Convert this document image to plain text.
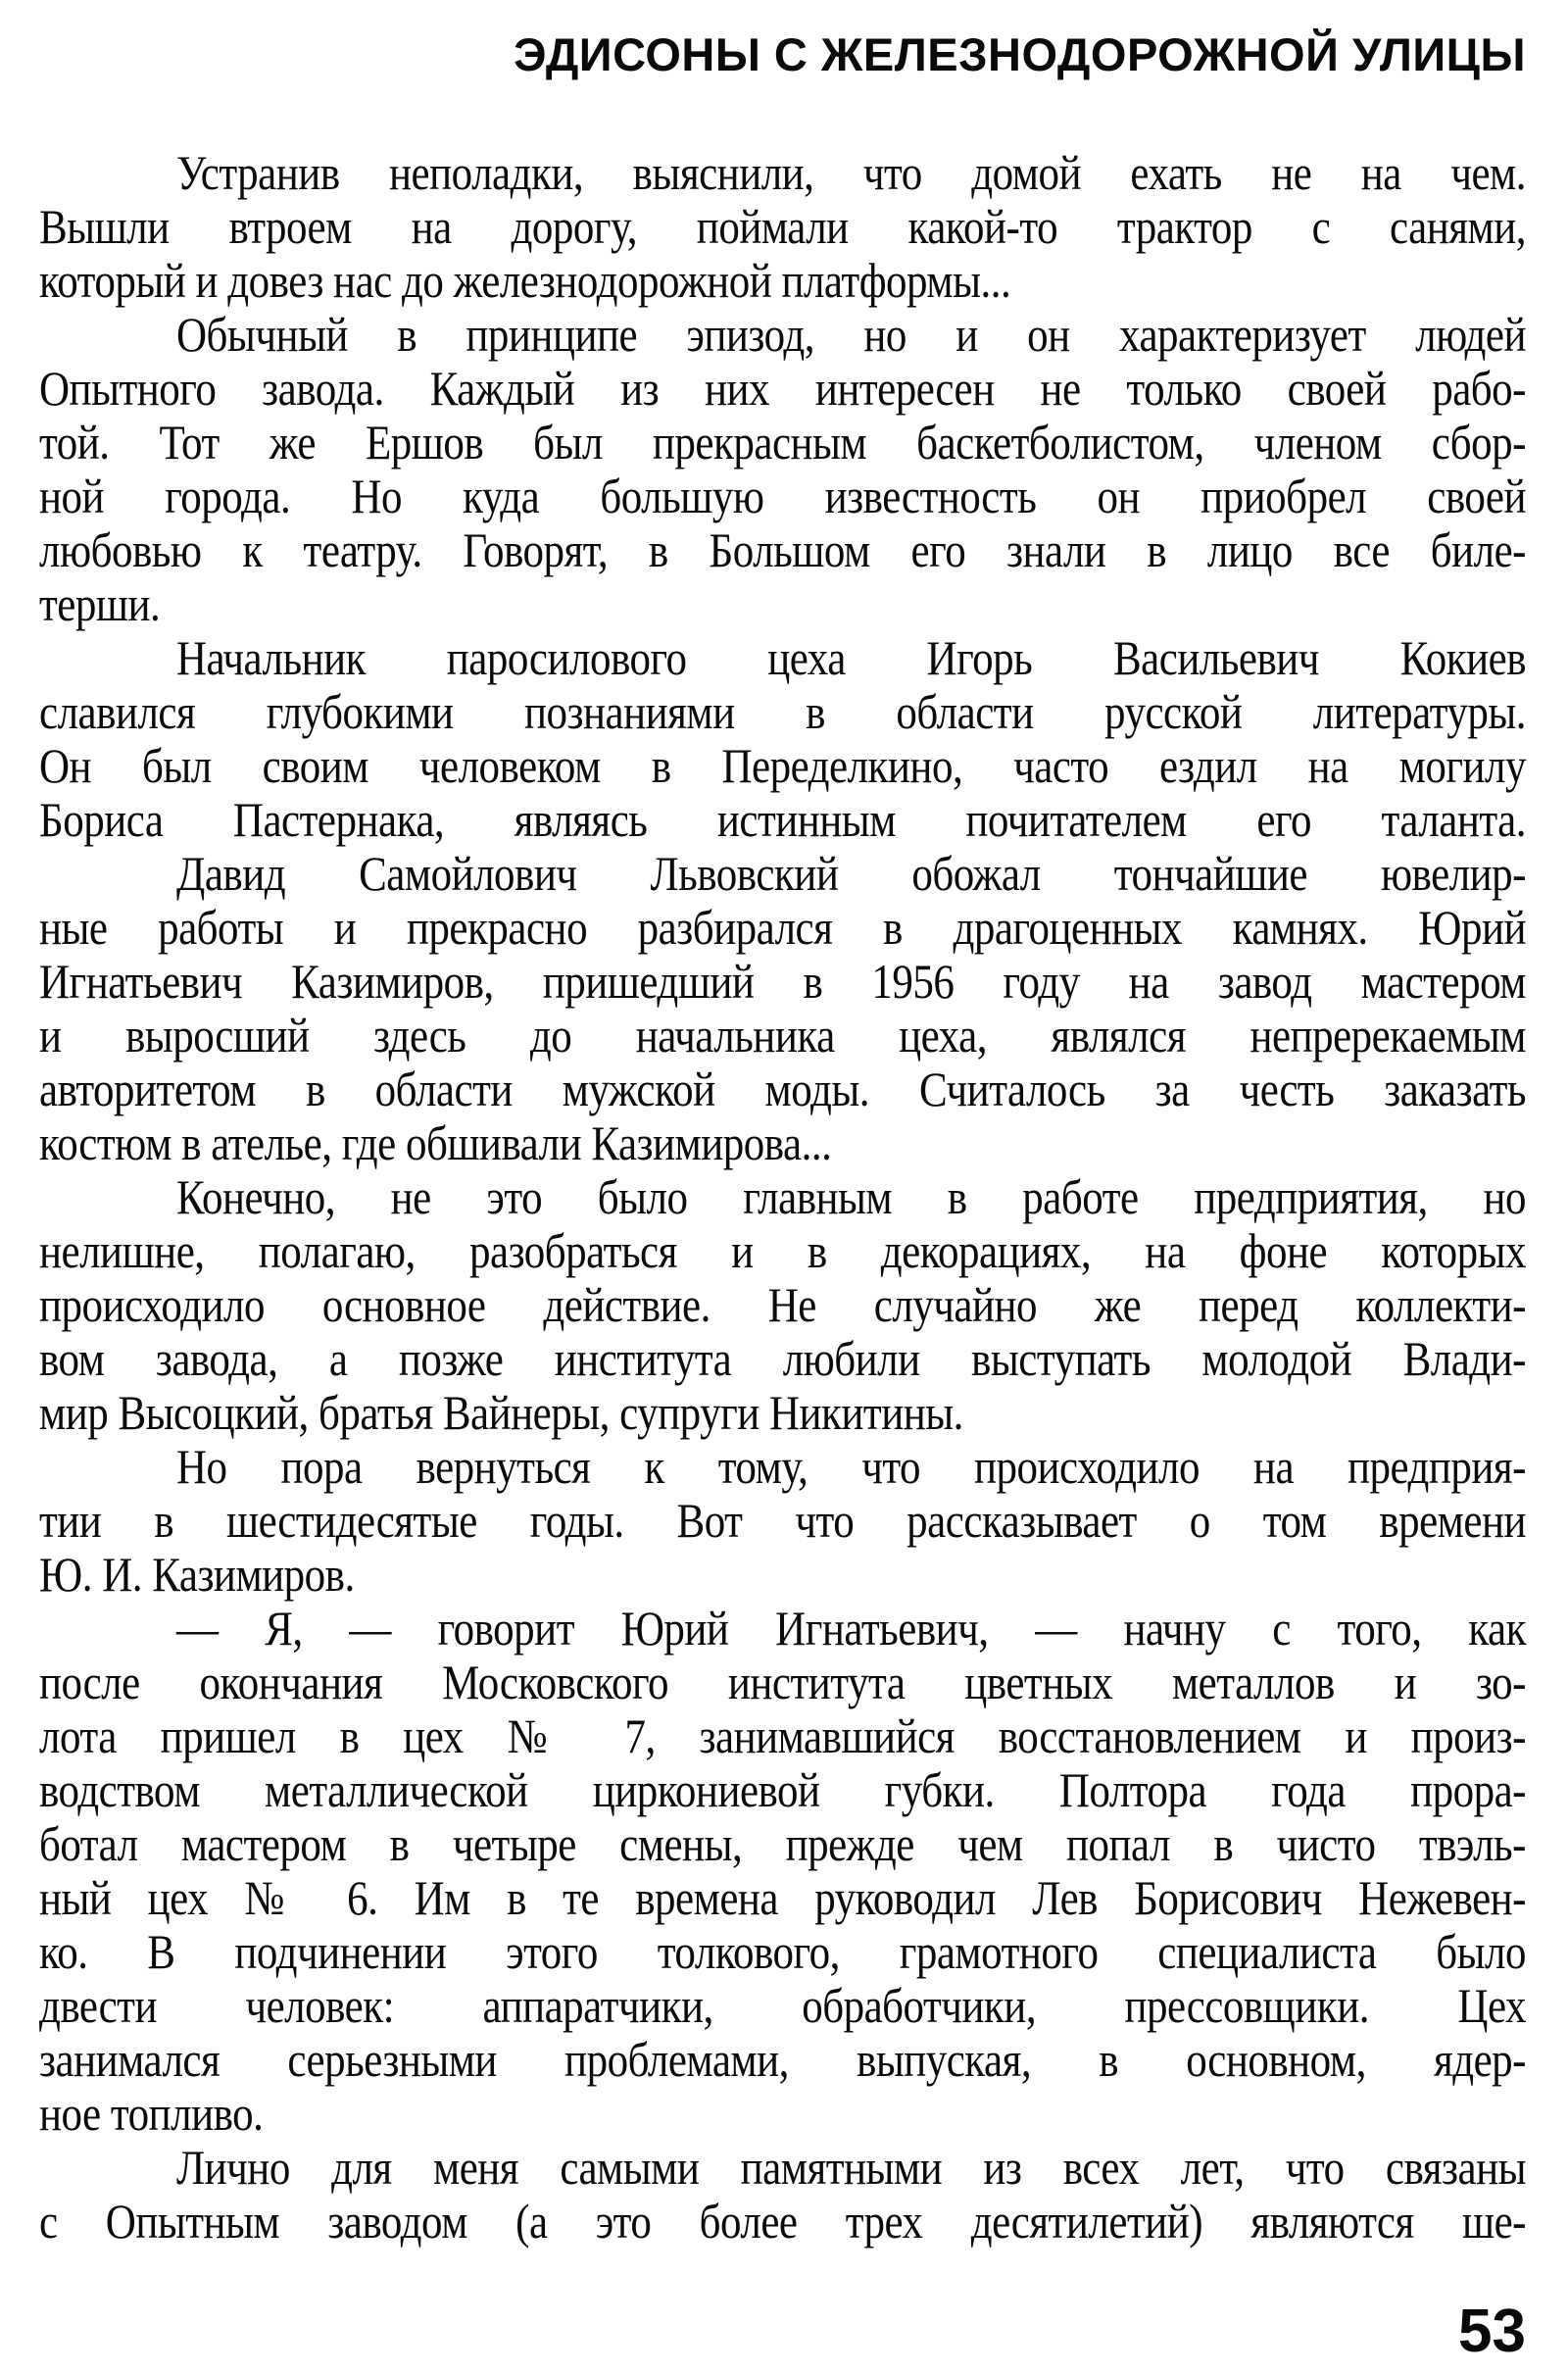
ЭДИСОНЫ С ЖЕЛЕЗНОДОРОЖНОЙ УЛИЦЫ
Устранив неполадки, выяснили, что домой ехать не на чем.
Вышли втроем на дорогу, поймали какой-то трактор с санями,
который и довез нас до железнодорожной платформы...
Обычный в принципе эпизод, но и он характеризует людей
Опытного завода. Каждый из них интересен не только своей рабо-
той. Тот же Ершов был прекрасным баскетболистом, членом сбор-
ной города. Но куда большую известность он приобрел своей
любовью к театру. Говорят, в Большом его знали в лицо все биле-
терши.
Начальник паросилового цеха Игорь Васильевич Кокиев
славился глубокими познаниями в области русской литературы.
Он был своим человеком в Переделкино, часто ездил на могилу
Бориса Пастернака, являясь истинным почитателем его таланта.
Давид Самойлович Львовский обожал тончайшие ювелир-
ные работы и прекрасно разбирался в драгоценных камнях. Юрий
Игнатьевич Казимиров, пришедший в 1956 году на завод мастером
и выросший здесь до начальника цеха, являлся непререкаемым
авторитетом в области мужской моды. Считалось за честь заказать
костюм в ателье, где обшивали Казимирова...
Конечно, не это было главным в работе предприятия, но
нелишне, полагаю, разобраться и в декорациях, на фоне которых
происходило основное действие. Не случайно же перед коллекти-
вом завода, а позже института любили выступать молодой Влади-
мир Высоцкий, братья Вайнеры, супруги Никитины.
Но пора вернуться к тому, что происходило на предприя-
тии в шестидесятые годы. Вот что рассказывает о том времени
Ю. И. Казимиров.
— Я, — говорит Юрий Игнатьевич, — начну с того, как
после окончания Московского института цветных металлов и зо-
лота пришел в цех № 7, занимавшийся восстановлением и произ-
водством металлической циркониевой губки. Полтора года прора-
ботал мастером в четыре смены, прежде чем попал в чисто твэль-
ный цех № 6. Им в те времена руководил Лев Борисович Нежевен-
ко. В подчинении этого толкового, грамотного специалиста было
двести человек: аппаратчики, обработчики, прессовщики. Цех
занимался серьезными проблемами, выпуская, в основном, ядер-
ное топливо.
Лично для меня самыми памятными из всех лет, что связаны
с Опытным заводом (а это более трех десятилетий) являются ше-
53
